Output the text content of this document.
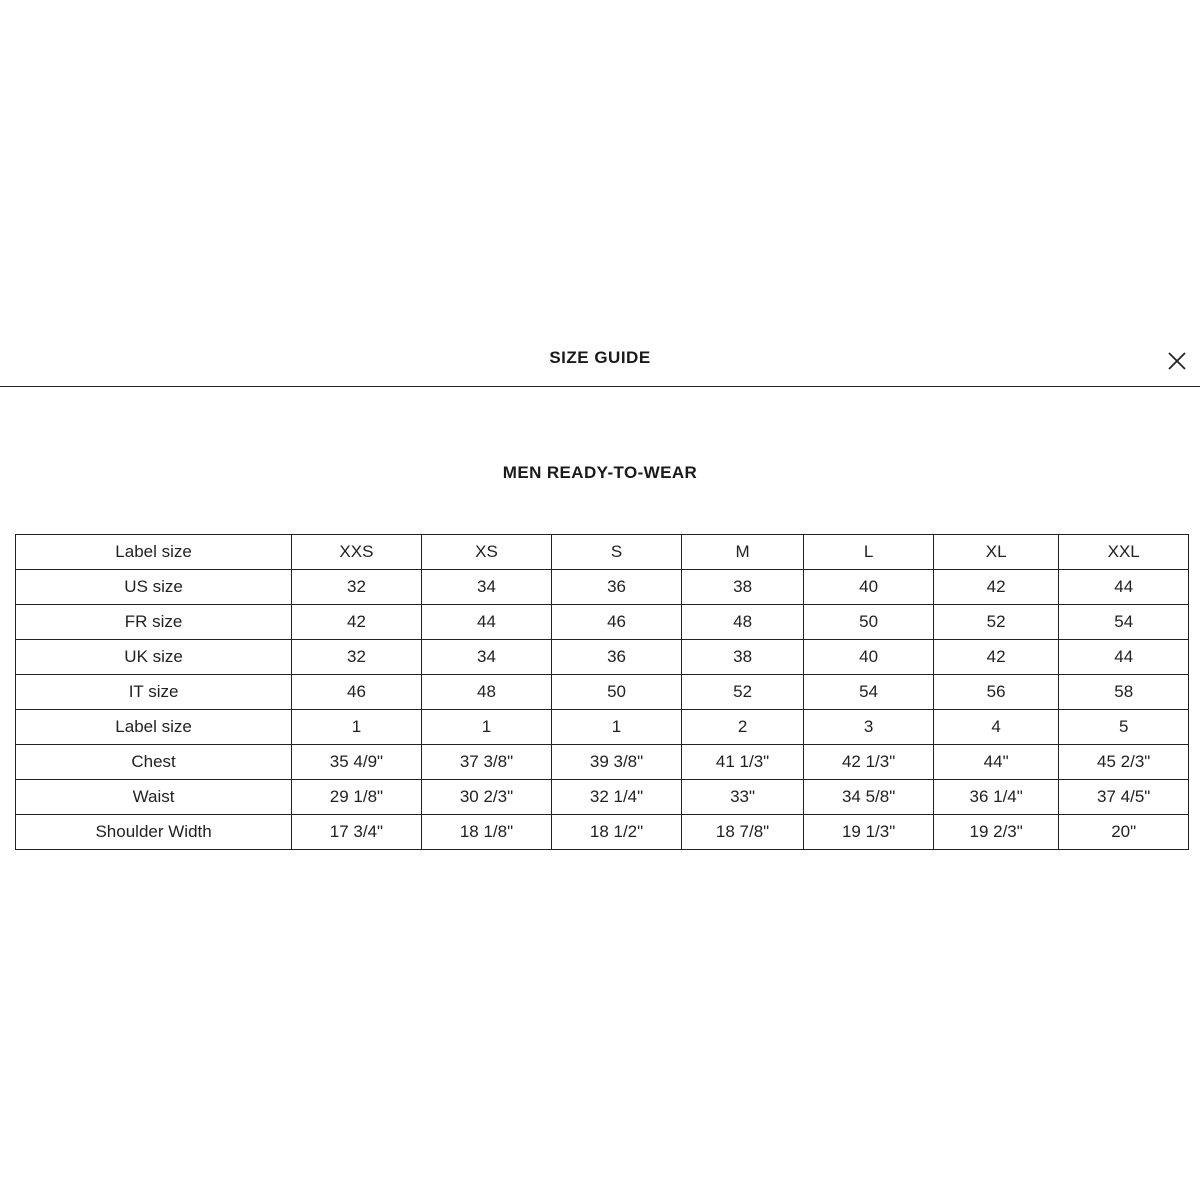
SIZE GUIDE
MEN READY-TO-WEAR
Label size	XXS	XS	S	M	L	XL	XXL
US size	32	34	36	38	40	42	44
FR size	42	44	46	48	50	52	54
UK size	32	34	36	38	40	42	44
IT size	46	48	50	52	54	56	58
Label size	1	1	1	2	3	4	5
Chest	35 4/9"	37 3/8"	39 3/8"	41 1/3"	42 1/3"	44"	45 2/3"
Waist	29 1/8"	30 2/3"	32 1/4"	33"	34 5/8"	36 1/4"	37 4/5"
Shoulder Width	17 3/4"	18 1/8"	18 1/2"	18 7/8"	19 1/3"	19 2/3"	20"
